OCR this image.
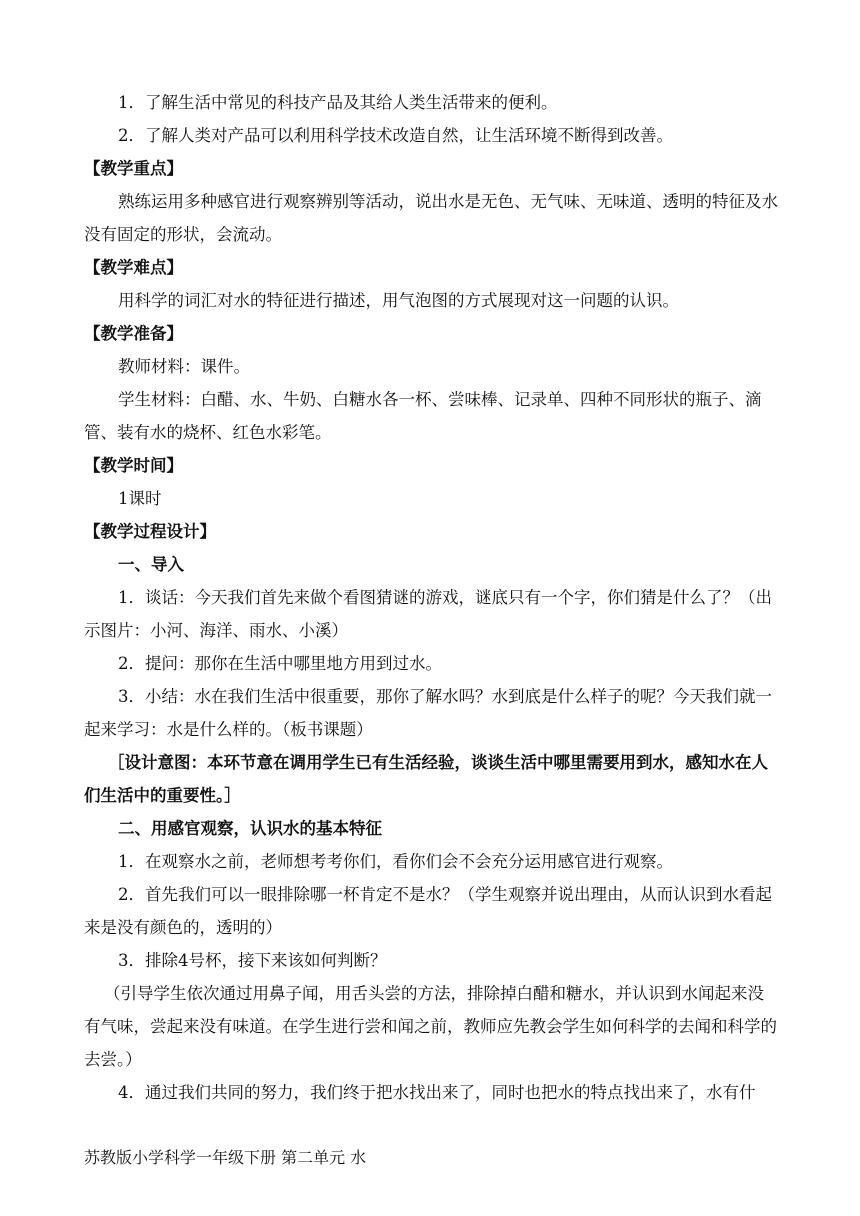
1．了解生活中常见的科技产品及其给人类生活带来的便利。

2．了解人类对产品可以利用科学技术改造自然，让生活环境不断得到改善。

【教学重点】

熟练运用多种感官进行观察辨别等活动，说出水是无色、无气味、无味道、透明的特征及水没有固定的形状，会流动。

【教学难点】

用科学的词汇对水的特征进行描述，用气泡图的方式展现对这一问题的认识。

【教学准备】

教师材料：课件。

学生材料：白醋、水、牛奶、白糖水各一杯、尝味棒、记录单、四种不同形状的瓶子、滴管、装有水的烧杯、红色水彩笔。

【教学时间】

1课时

【教学过程设计】

一、导入

1．谈话：今天我们首先来做个看图猜谜的游戏，谜底只有一个字，你们猜是什么了？（出示图片：小河、海洋、雨水、小溪）

2．提问：那你在生活中哪里地方用到过水。

3．小结：水在我们生活中很重要，那你了解水吗？水到底是什么样子的呢？今天我们就一起来学习：水是什么样的。（板书课题）

［设计意图：本环节意在调用学生已有生活经验，谈谈生活中哪里需要用到水，感知水在人们生活中的重要性。］

二、用感官观察，认识水的基本特征

1．在观察水之前，老师想考考你们，看你们会不会充分运用感官进行观察。

2．首先我们可以一眼排除哪一杯肯定不是水？（学生观察并说出理由，从而认识到水看起来是没有颜色的，透明的）

3．排除4号杯，接下来该如何判断？

（引导学生依次通过用鼻子闻，用舌头尝的方法，排除掉白醋和糖水，并认识到水闻起来没有气味，尝起来没有味道。在学生进行尝和闻之前，教师应先教会学生如何科学的去闻和科学的去尝。）

4．通过我们共同的努力，我们终于把水找出来了，同时也把水的特点找出来了，水有什

苏教版小学科学一年级下册 第二单元 水
